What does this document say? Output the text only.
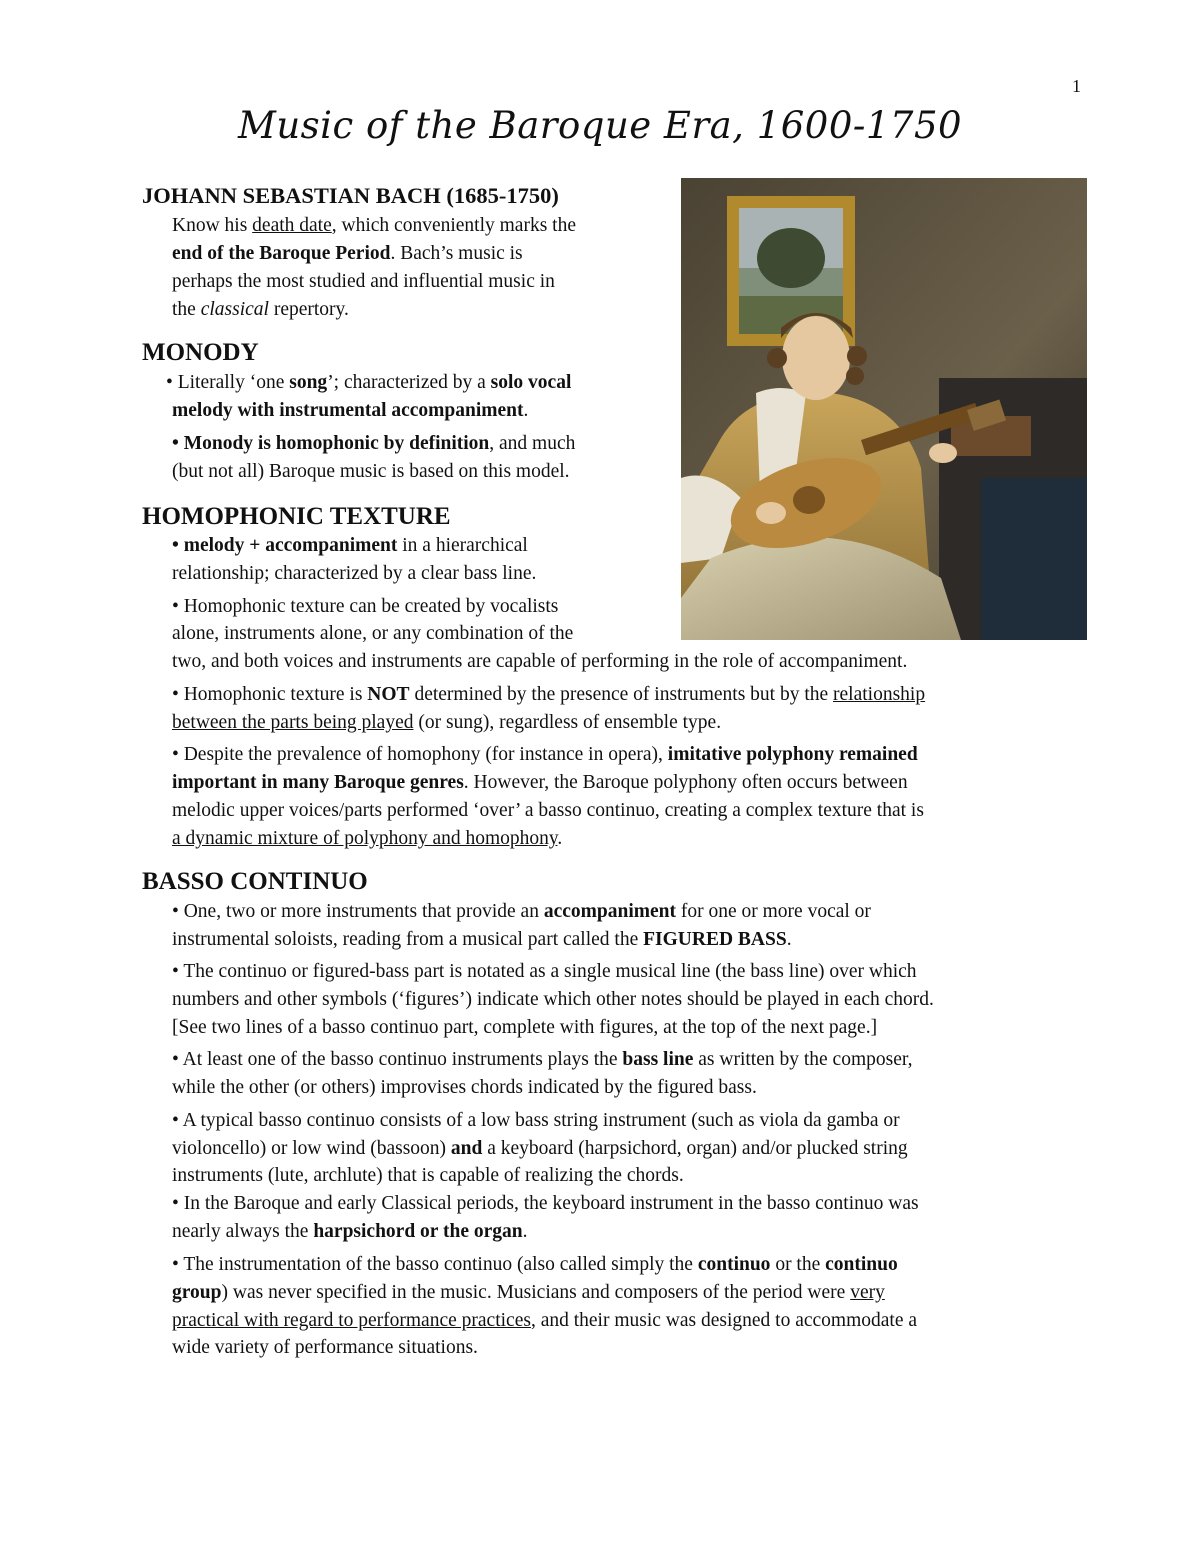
1
Music of the Baroque Era, 1600-1750
JOHANN SEBASTIAN BACH (1685-1750)
Know his death date, which conveniently marks the
end of the Baroque Period. Bach’s music is
perhaps the most studied and influential music in
the classical repertory.
MONODY
• Literally ‘one song’; characterized by a solo vocal
melody with instrumental accompaniment.
• Monody is homophonic by definition, and much
(but not all) Baroque music is based on this model.
HOMOPHONIC TEXTURE
• melody + accompaniment in a hierarchical
relationship; characterized by a clear bass line.
• Homophonic texture can be created by vocalists
alone, instruments alone, or any combination of the
two, and both voices and instruments are capable of performing in the role of accompaniment.
• Homophonic texture is NOT determined by the presence of instruments but by the relationship
between the parts being played (or sung), regardless of ensemble type.
• Despite the prevalence of homophony (for instance in opera), imitative polyphony remained
important in many Baroque genres. However, the Baroque polyphony often occurs between
melodic upper voices/parts performed ‘over’ a basso continuo, creating a complex texture that is
a dynamic mixture of polyphony and homophony.
BASSO CONTINUO
• One, two or more instruments that provide an accompaniment for one or more vocal or
instrumental soloists, reading from a musical part called the FIGURED BASS.
• The continuo or figured-bass part is notated as a single musical line (the bass line) over which
numbers and other symbols (‘figures’) indicate which other notes should be played in each chord.
[See two lines of a basso continuo part, complete with figures, at the top of the next page.]
• At least one of the basso continuo instruments plays the bass line as written by the composer,
while the other (or others) improvises chords indicated by the figured bass.
• A typical basso continuo consists of a low bass string instrument (such as viola da gamba or
violoncello) or low wind (bassoon) and a keyboard (harpsichord, organ) and/or plucked string
instruments (lute, archlute) that is capable of realizing the chords.
• In the Baroque and early Classical periods, the keyboard instrument in the basso continuo was
nearly always the harpsichord or the organ.
• The instrumentation of the basso continuo (also called simply the continuo or the continuo
group) was never specified in the music. Musicians and composers of the period were very
practical with regard to performance practices, and their music was designed to accommodate a
wide variety of performance situations.
